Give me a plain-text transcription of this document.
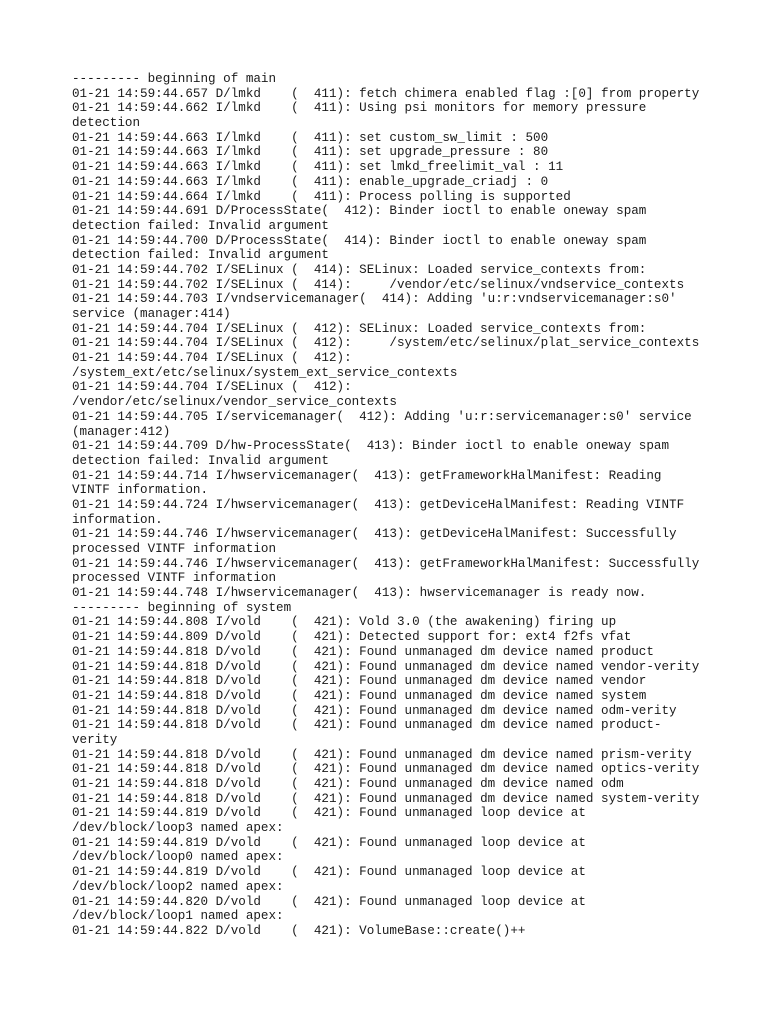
--------- beginning of main
01-21 14:59:44.657 D/lmkd    (  411): fetch chimera enabled flag :[0] from property
01-21 14:59:44.662 I/lmkd    (  411): Using psi monitors for memory pressure
detection
01-21 14:59:44.663 I/lmkd    (  411): set custom_sw_limit : 500
01-21 14:59:44.663 I/lmkd    (  411): set upgrade_pressure : 80
01-21 14:59:44.663 I/lmkd    (  411): set lmkd_freelimit_val : 11
01-21 14:59:44.663 I/lmkd    (  411): enable_upgrade_criadj : 0
01-21 14:59:44.664 I/lmkd    (  411): Process polling is supported
01-21 14:59:44.691 D/ProcessState(  412): Binder ioctl to enable oneway spam
detection failed: Invalid argument
01-21 14:59:44.700 D/ProcessState(  414): Binder ioctl to enable oneway spam
detection failed: Invalid argument
01-21 14:59:44.702 I/SELinux (  414): SELinux: Loaded service_contexts from:
01-21 14:59:44.702 I/SELinux (  414):     /vendor/etc/selinux/vndservice_contexts
01-21 14:59:44.703 I/vndservicemanager(  414): Adding 'u:r:vndservicemanager:s0'
service (manager:414)
01-21 14:59:44.704 I/SELinux (  412): SELinux: Loaded service_contexts from:
01-21 14:59:44.704 I/SELinux (  412):     /system/etc/selinux/plat_service_contexts
01-21 14:59:44.704 I/SELinux (  412):
/system_ext/etc/selinux/system_ext_service_contexts
01-21 14:59:44.704 I/SELinux (  412):
/vendor/etc/selinux/vendor_service_contexts
01-21 14:59:44.705 I/servicemanager(  412): Adding 'u:r:servicemanager:s0' service
(manager:412)
01-21 14:59:44.709 D/hw-ProcessState(  413): Binder ioctl to enable oneway spam
detection failed: Invalid argument
01-21 14:59:44.714 I/hwservicemanager(  413): getFrameworkHalManifest: Reading
VINTF information.
01-21 14:59:44.724 I/hwservicemanager(  413): getDeviceHalManifest: Reading VINTF
information.
01-21 14:59:44.746 I/hwservicemanager(  413): getDeviceHalManifest: Successfully
processed VINTF information
01-21 14:59:44.746 I/hwservicemanager(  413): getFrameworkHalManifest: Successfully
processed VINTF information
01-21 14:59:44.748 I/hwservicemanager(  413): hwservicemanager is ready now.
--------- beginning of system
01-21 14:59:44.808 I/vold    (  421): Vold 3.0 (the awakening) firing up
01-21 14:59:44.809 D/vold    (  421): Detected support for: ext4 f2fs vfat
01-21 14:59:44.818 D/vold    (  421): Found unmanaged dm device named product
01-21 14:59:44.818 D/vold    (  421): Found unmanaged dm device named vendor-verity
01-21 14:59:44.818 D/vold    (  421): Found unmanaged dm device named vendor
01-21 14:59:44.818 D/vold    (  421): Found unmanaged dm device named system
01-21 14:59:44.818 D/vold    (  421): Found unmanaged dm device named odm-verity
01-21 14:59:44.818 D/vold    (  421): Found unmanaged dm device named product-
verity
01-21 14:59:44.818 D/vold    (  421): Found unmanaged dm device named prism-verity
01-21 14:59:44.818 D/vold    (  421): Found unmanaged dm device named optics-verity
01-21 14:59:44.818 D/vold    (  421): Found unmanaged dm device named odm
01-21 14:59:44.818 D/vold    (  421): Found unmanaged dm device named system-verity
01-21 14:59:44.819 D/vold    (  421): Found unmanaged loop device at
/dev/block/loop3 named apex:
01-21 14:59:44.819 D/vold    (  421): Found unmanaged loop device at
/dev/block/loop0 named apex:
01-21 14:59:44.819 D/vold    (  421): Found unmanaged loop device at
/dev/block/loop2 named apex:
01-21 14:59:44.820 D/vold    (  421): Found unmanaged loop device at
/dev/block/loop1 named apex:
01-21 14:59:44.822 D/vold    (  421): VolumeBase::create()++
